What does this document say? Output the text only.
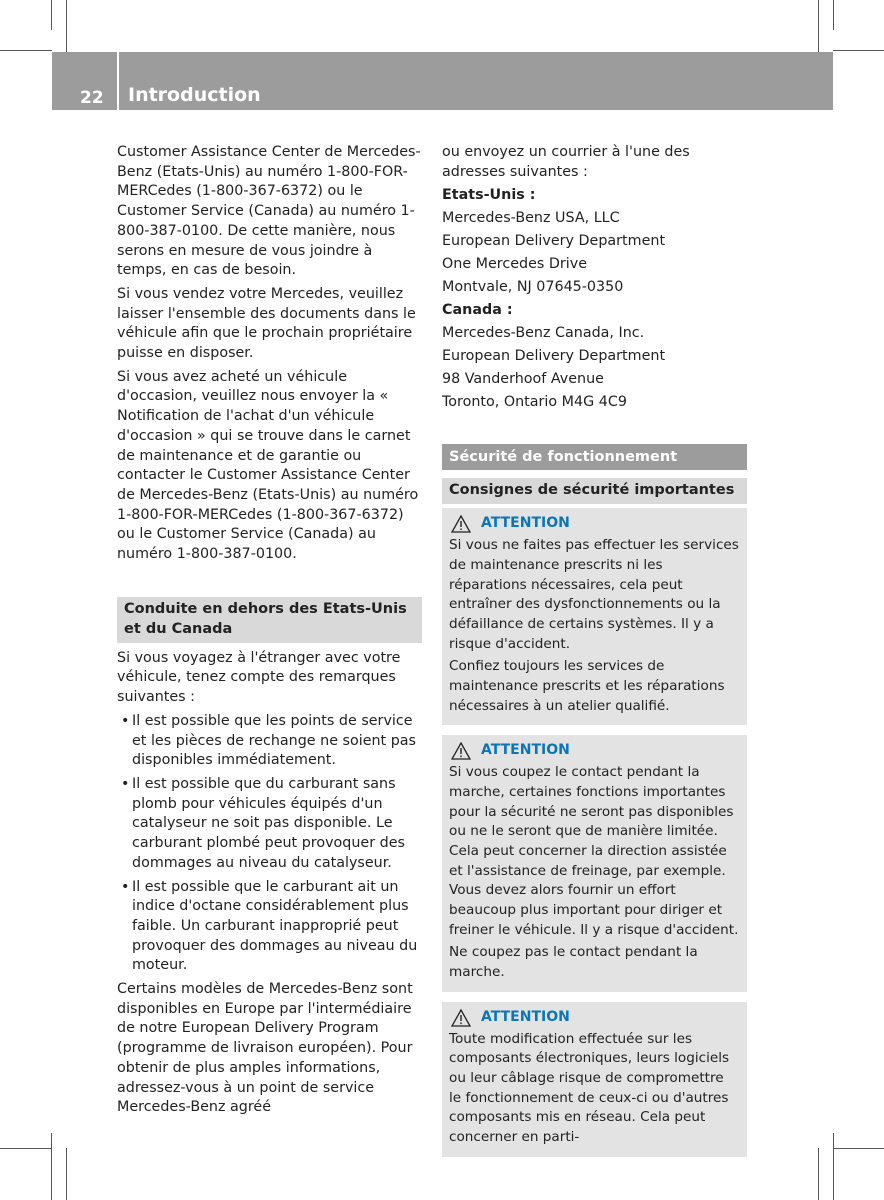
22 Introduction

Customer Assistance Center de Mercedes-Benz (Etats-Unis) au numéro 1-800-FOR-MERCedes (1-800-367-6372) ou le Customer Service (Canada) au numéro 1-800-387-0100. De cette manière, nous serons en mesure de vous joindre à temps, en cas de besoin.

Si vous vendez votre Mercedes, veuillez laisser l'ensemble des documents dans le véhicule afin que le prochain propriétaire puisse en disposer.

Si vous avez acheté un véhicule d'occasion, veuillez nous envoyer la « Notification de l'achat d'un véhicule d'occasion » qui se trouve dans le carnet de maintenance et de garantie ou contacter le Customer Assistance Center de Mercedes-Benz (Etats-Unis) au numéro 1-800-FOR-MERCedes (1-800-367-6372) ou le Customer Service (Canada) au numéro 1-800-387-0100.

Conduite en dehors des Etats-Unis et du Canada

Si vous voyagez à l'étranger avec votre véhicule, tenez compte des remarques suivantes :

• Il est possible que les points de service et les pièces de rechange ne soient pas disponibles immédiatement.
• Il est possible que du carburant sans plomb pour véhicules équipés d'un catalyseur ne soit pas disponible. Le carburant plombé peut provoquer des dommages au niveau du catalyseur.
• Il est possible que le carburant ait un indice d'octane considérablement plus faible. Un carburant inapproprié peut provoquer des dommages au niveau du moteur.

Certains modèles de Mercedes-Benz sont disponibles en Europe par l'intermédiaire de notre European Delivery Program (programme de livraison européen). Pour obtenir de plus amples informations, adressez-vous à un point de service Mercedes-Benz agréé

ou envoyez un courrier à l'une des adresses suivantes :

Etats-Unis :

Mercedes-Benz USA, LLC

European Delivery Department

One Mercedes Drive

Montvale, NJ 07645-0350

Canada :

Mercedes-Benz Canada, Inc.

European Delivery Department

98 Vanderhoof Avenue

Toronto, Ontario M4G 4C9

Sécurité de fonctionnement
Consignes de sécurité importantes
ATTENTION

Si vous ne faites pas effectuer les services de maintenance prescrits ni les réparations nécessaires, cela peut entraîner des dysfonctionnements ou la défaillance de certains systèmes. Il y a risque d'accident.

Confiez toujours les services de maintenance prescrits et les réparations nécessaires à un atelier qualifié.

ATTENTION

Si vous coupez le contact pendant la marche, certaines fonctions importantes pour la sécurité ne seront pas disponibles ou ne le seront que de manière limitée. Cela peut concerner la direction assistée et l'assistance de freinage, par exemple. Vous devez alors fournir un effort beaucoup plus important pour diriger et freiner le véhicule. Il y a risque d'accident.

Ne coupez pas le contact pendant la marche.

ATTENTION

Toute modification effectuée sur les composants électroniques, leurs logiciels ou leur câblage risque de compromettre le fonctionnement de ceux-ci ou d'autres composants mis en réseau. Cela peut concerner en parti-
